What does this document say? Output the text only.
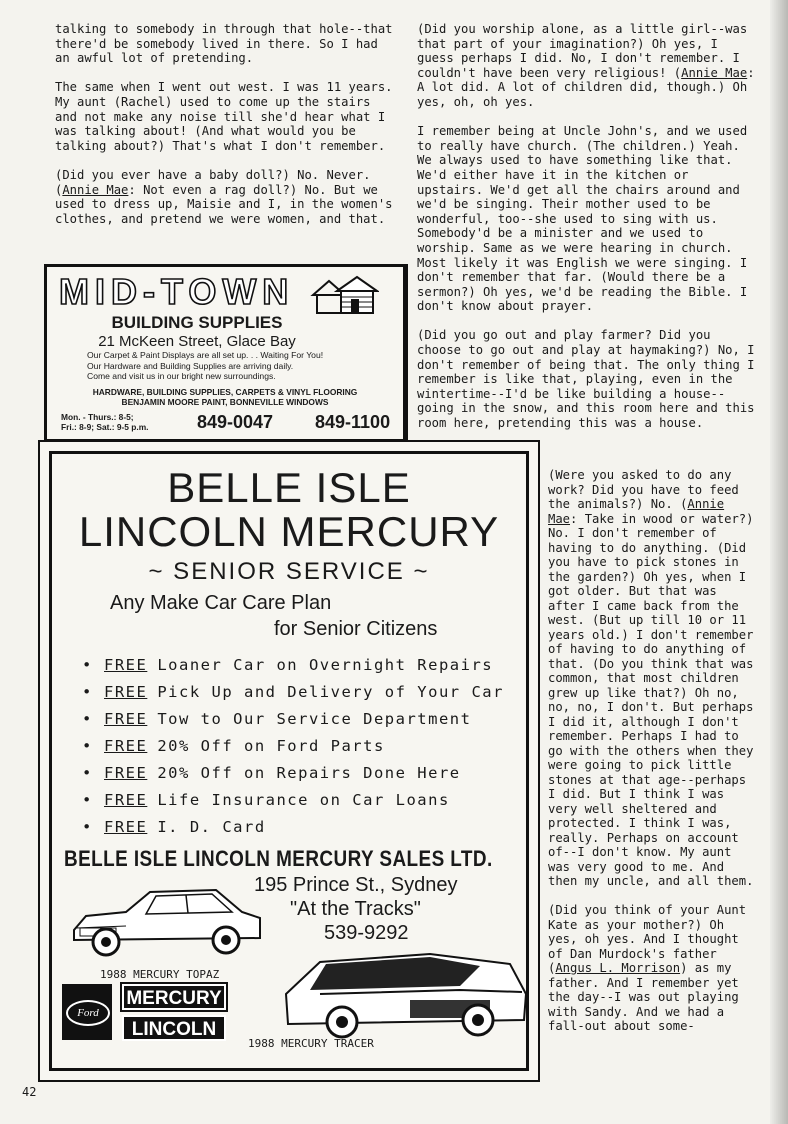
talking to somebody in through that hole--that there'd be somebody lived in there. So I had an awful lot of pretending.

The same when I went out west. I was 11 years. My aunt (Rachel) used to come up the stairs and not make any noise till she'd hear what I was talking about! (And what would you be talking about?) That's what I don't remember.

(Did you ever have a baby doll?) No. Never. (Annie Mae: Not even a rag doll?) No. But we used to dress up, Maisie and I, in the women's clothes, and pretend we were women, and that.

(Did you worship alone, as a little girl--was that part of your imagination?) Oh yes, I guess perhaps I did. No, I don't remember. I couldn't have been very religious! (Annie Mae: A lot did. A lot of children did, though.) Oh yes, oh, oh yes.

I remember being at Uncle John's, and we used to really have church. (The children.) Yeah. We always used to have something like that. We'd either have it in the kitchen or upstairs. We'd get all the chairs around and we'd be singing. Their mother used to be wonderful, too--she used to sing with us. Somebody'd be a minister and we used to worship. Same as we were hearing in church. Most likely it was English we were singing. I don't remember that far. (Would there be a sermon?) Oh yes, we'd be reading the Bible. I don't know about prayer.

(Did you go out and play farmer? Did you choose to go out and play at haymaking?) No, I don't remember of being that. The only thing I remember is like that, playing, even in the wintertime--I'd be like building a house--going in the snow, and this room here and this room here, pretending this was a house.

(Were you asked to do any work? Did you have to feed the animals?) No. (Annie Mae: Take in wood or water?) No. I don't remember of having to do anything. (Did you have to pick stones in the garden?) Oh yes, when I got older. But that was after I came back from the west. (But up till 10 or 11 years old.) I don't remember of having to do anything of that. (Do you think that was common, that most children grew up like that?) Oh no, no, no, I don't. But perhaps I did it, although I don't remember. Perhaps I had to go with the others when they were going to pick little stones at that age--perhaps I did. But I think I was very well sheltered and protected. I think I was, really. Perhaps on account of--I don't know. My aunt was very good to me. And then my uncle, and all them.

(Did you think of your Aunt Kate as your mother?) Oh yes, oh yes. And I thought of Dan Murdock's father (Angus L. Morrison) as my father. And I remember yet the day--I was out playing with Sandy. And we had a fall-out about some-

MID-TOWN
BUILDING SUPPLIES
21 McKeen Street, Glace Bay
Our Carpet & Paint Displays are all set up. . . Waiting For You!
Our Hardware and Building Supplies are arriving daily.
Come and visit us in our bright new surroundings.
HARDWARE, BUILDING SUPPLIES, CARPETS & VINYL FLOORING
BENJAMIN MOORE PAINT, BONNEVILLE WINDOWS
Mon. - Thurs.: 8-5;
Fri.: 8-9; Sat.: 9-5 p.m.	849-0047 849-1100
BELLE ISLE
LINCOLN MERCURY
~ SENIOR SERVICE ~
Any Make Car Care Plan
for Senior Citizens
• FREE Loaner Car on Overnight Repairs
• FREE Pick Up and Delivery of Your Car
• FREE Tow to Our Service Department
• FREE 20% Off on Ford Parts
• FREE 20% Off on Repairs Done Here
• FREE Life Insurance on Car Loans
• FREE I. D. Card
BELLE ISLE LINCOLN MERCURY SALES LTD.
1988 MERCURY TOPAZ
195 Prince St., Sydney
"At the Tracks"
539-9292
1988 MERCURY TRACER
Ford
MERCURY
LINCOLN
42
